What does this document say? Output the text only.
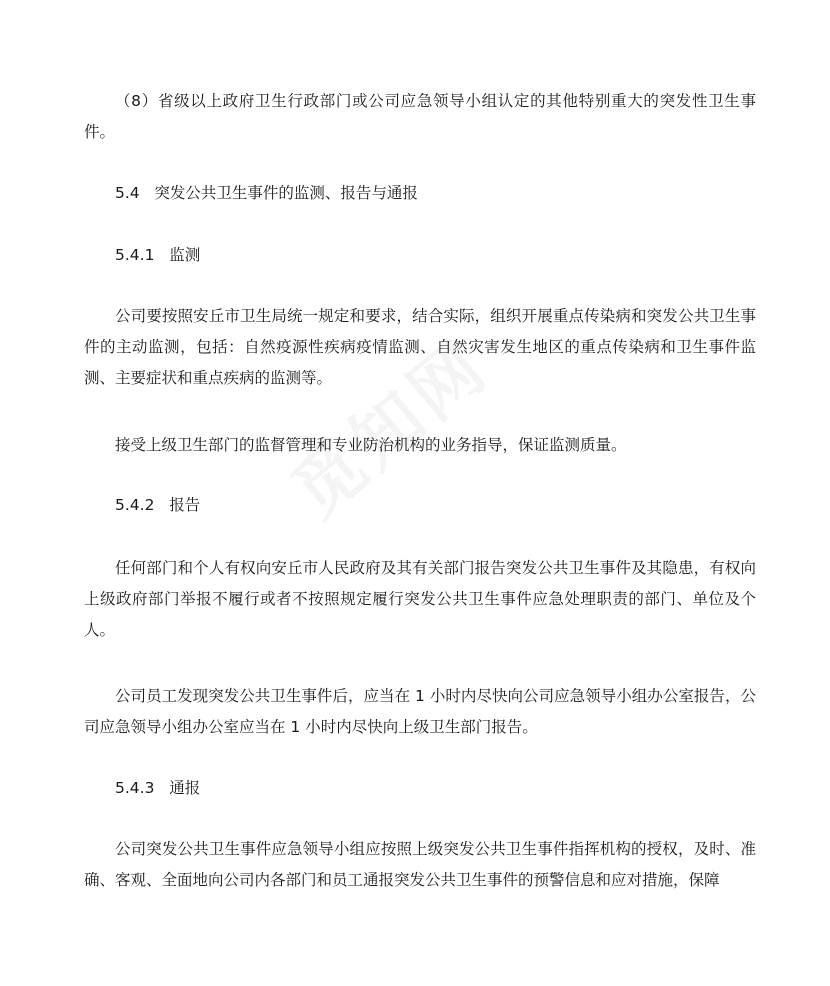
（8）省级以上政府卫生行政部门或公司应急领导小组认定的其他特别重大的突发性卫生事件。

5.4   突发公共卫生事件的监测、报告与通报

5.4.1   监测

公司要按照安丘市卫生局统一规定和要求，结合实际，组织开展重点传染病和突发公共卫生事件的主动监测，包括：自然疫源性疾病疫情监测、自然灾害发生地区的重点传染病和卫生事件监测、主要症状和重点疾病的监测等。

接受上级卫生部门的监督管理和专业防治机构的业务指导，保证监测质量。

5.4.2   报告

任何部门和个人有权向安丘市人民政府及其有关部门报告突发公共卫生事件及其隐患，有权向上级政府部门举报不履行或者不按照规定履行突发公共卫生事件应急处理职责的部门、单位及个人。

公司员工发现突发公共卫生事件后，应当在 1 小时内尽快向公司应急领导小组办公室报告，公司应急领导小组办公室应当在 1 小时内尽快向上级卫生部门报告。

5.4.3   通报

公司突发公共卫生事件应急领导小组应按照上级突发公共卫生事件指挥机构的授权，及时、准确、客观、全面地向公司内各部门和员工通报突发公共卫生事件的预警信息和应对措施，保障
